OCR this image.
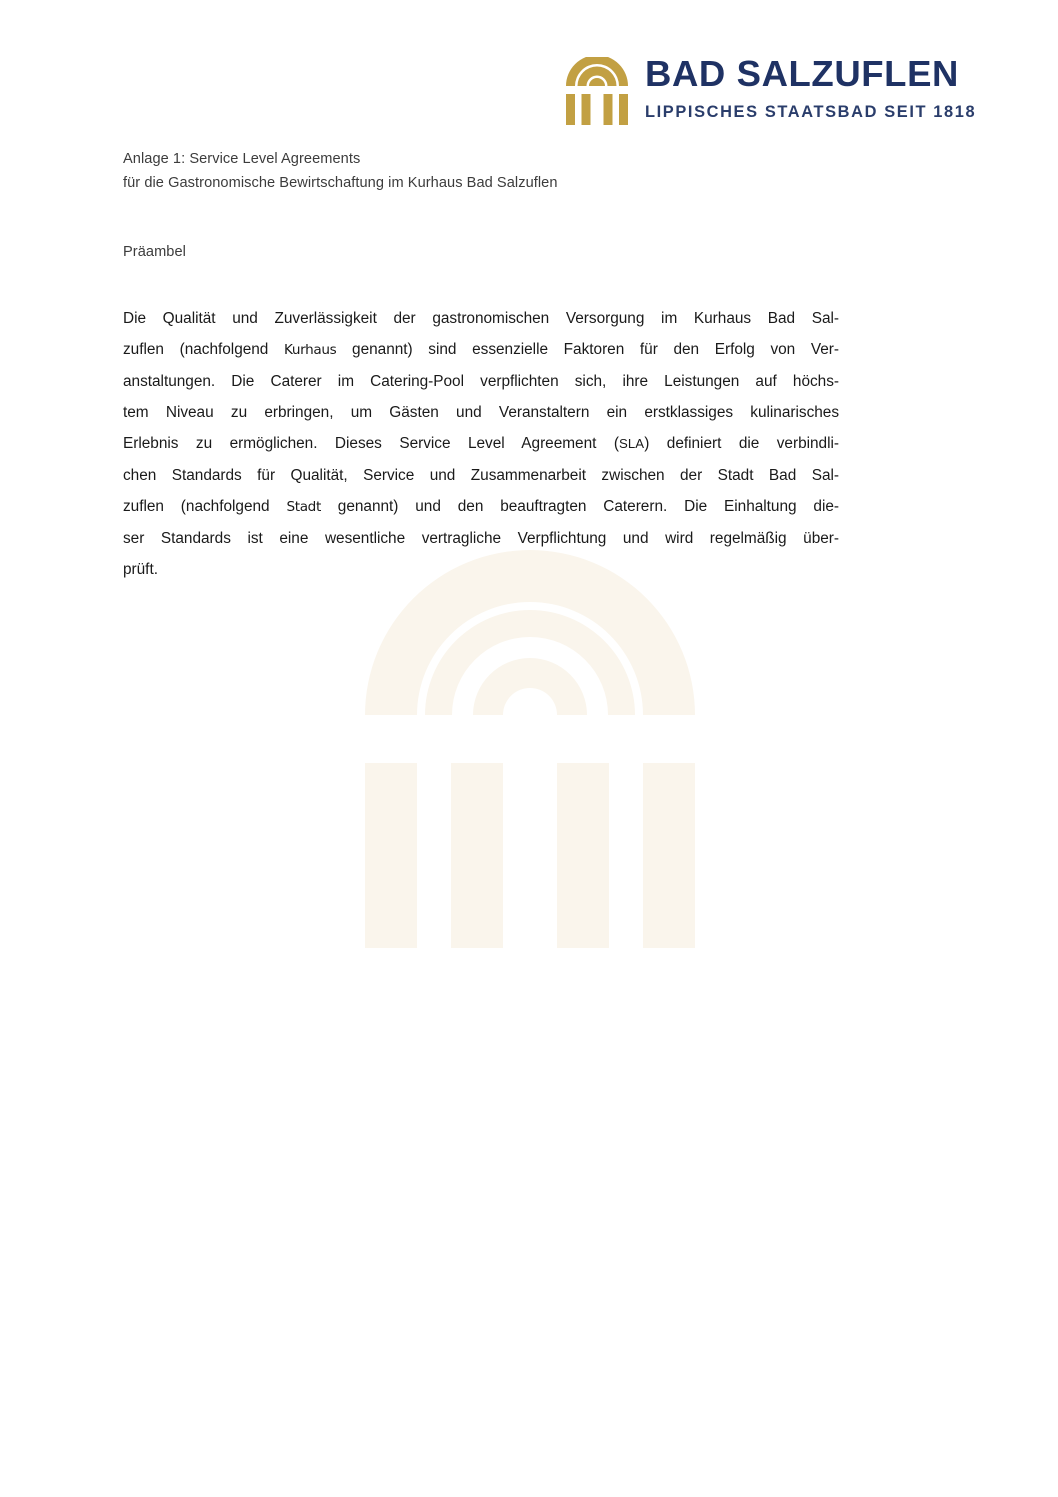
BAD SALZUFLEN
LIPPISCHES STAATSBAD SEIT 1818
Anlage 1: Service Level Agreements
für die Gastronomische Bewirtschaftung im Kurhaus Bad Salzuflen
Präambel
Die Qualität und Zuverlässigkeit der gastronomischen Versorgung im Kurhaus Bad Sal-
zuflen (nachfolgend Kurhaus genannt) sind essenzielle Faktoren für den Erfolg von Ver-
anstaltungen. Die Caterer im Catering-Pool verpflichten sich, ihre Leistungen auf höchs-
tem Niveau zu erbringen, um Gästen und Veranstaltern ein erstklassiges kulinarisches
Erlebnis zu ermöglichen. Dieses Service Level Agreement (SLA) definiert die verbindli-
chen Standards für Qualität, Service und Zusammenarbeit zwischen der Stadt Bad Sal-
zuflen (nachfolgend Stadt genannt) und den beauftragten Caterern. Die Einhaltung die-
ser Standards ist eine wesentliche vertragliche Verpflichtung und wird regelmäßig über-
prüft.
